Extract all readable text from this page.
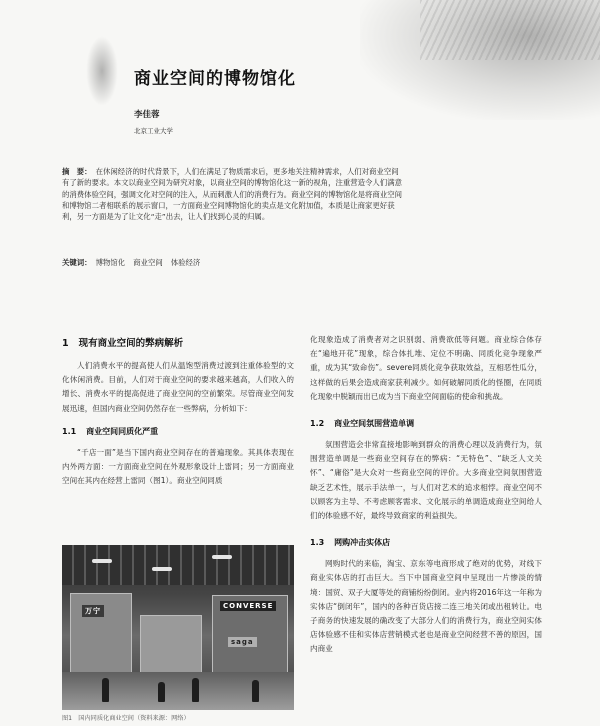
商业空间的博物馆化
李佳蓉
北京工业大学
摘　要： 在休闲经济的时代背景下，人们在满足了物质需求后，更多地关注精神需求，人们对商业空间有了新的要求。本文以商业空间为研究对象，以商业空间的博物馆化这一新的视角，注重营造令人们满意的消费体验空间，强调文化对空间的注入，从而刺激人们的消费行为。商业空间的博物馆化是将商业空间和博物馆二者相联系的展示窗口，一方面商业空间博物馆化的卖点是文化附加值，本质是让商家更好获利，另一方面是为了让文化“走”出去，让人们找到心灵的归属。
关键词： 博物馆化 商业空间 体验经济
1 现有商业空间的弊病解析

人们消费水平的提高使人们从温饱型消费过渡到注重体验型的文化休闲消费。目前，人们对于商业空间的要求越来越高，人们收入的增长、消费水平的提高促进了商业空间的空前繁荣。尽管商业空间发展迅速，但国内商业空间仍然存在一些弊病，分析如下：

1.1 商业空间同质化严重

“千店一面”是当下国内商业空间存在的普遍现象。其具体表现在内外两方面：一方面商业空间在外观形象设计上雷同；另一方面商业空间在其内在经营上雷同（图1）。商业空间同质

CONVERSE
saga
万宁
图1　国内同质化商业空间（资料来源：网络）

化现象造成了消费者对之识别弱、消费欲低等问题。商业综合体存在“遍地开花”现象，综合体扎堆、定位不明确、同质化竞争现象严重，成为其“致命伤”。severe同质化竞争获取效益，互相恶性瓜分，这样做的后果会造成商家获利减少。如何破解同质化的怪圈，在同质化现象中脱颖而出已成为当下商业空间面临的使命和挑战。

1.2 商业空间氛围营造单调

氛围营造会非常直接地影响到群众的消费心理以及消费行为，氛围营造单调是一些商业空间存在的弊病：“无特色”、“缺乏人文关怀”、“庸俗”是大众对一些商业空间的评价。大多商业空间氛围营造缺乏艺术性，展示手法单一，与人们对艺术的追求相悖。商业空间不以顾客为主导、不考虑顾客需求、文化展示的单调造成商业空间给人们的体验感不好，最终导致商家的利益损失。

1.3 网购冲击实体店

网购时代的来临，淘宝、京东等电商形成了绝对的优势，对线下商业实体店的打击巨大。当下中国商业空间中呈现出一片惨淡的情境：国贸、双子大厦等处的商铺纷纷倒闭。业内将2016年这一年称为实体店“倒闭年”，国内的各种百货店接二连三地关闭或出租转让。电子商务的快速发展的确改变了大部分人们的消费行为，商业空间实体店体验感不佳和实体店营销模式老也是商业空间经营不善的原因，国内商业
